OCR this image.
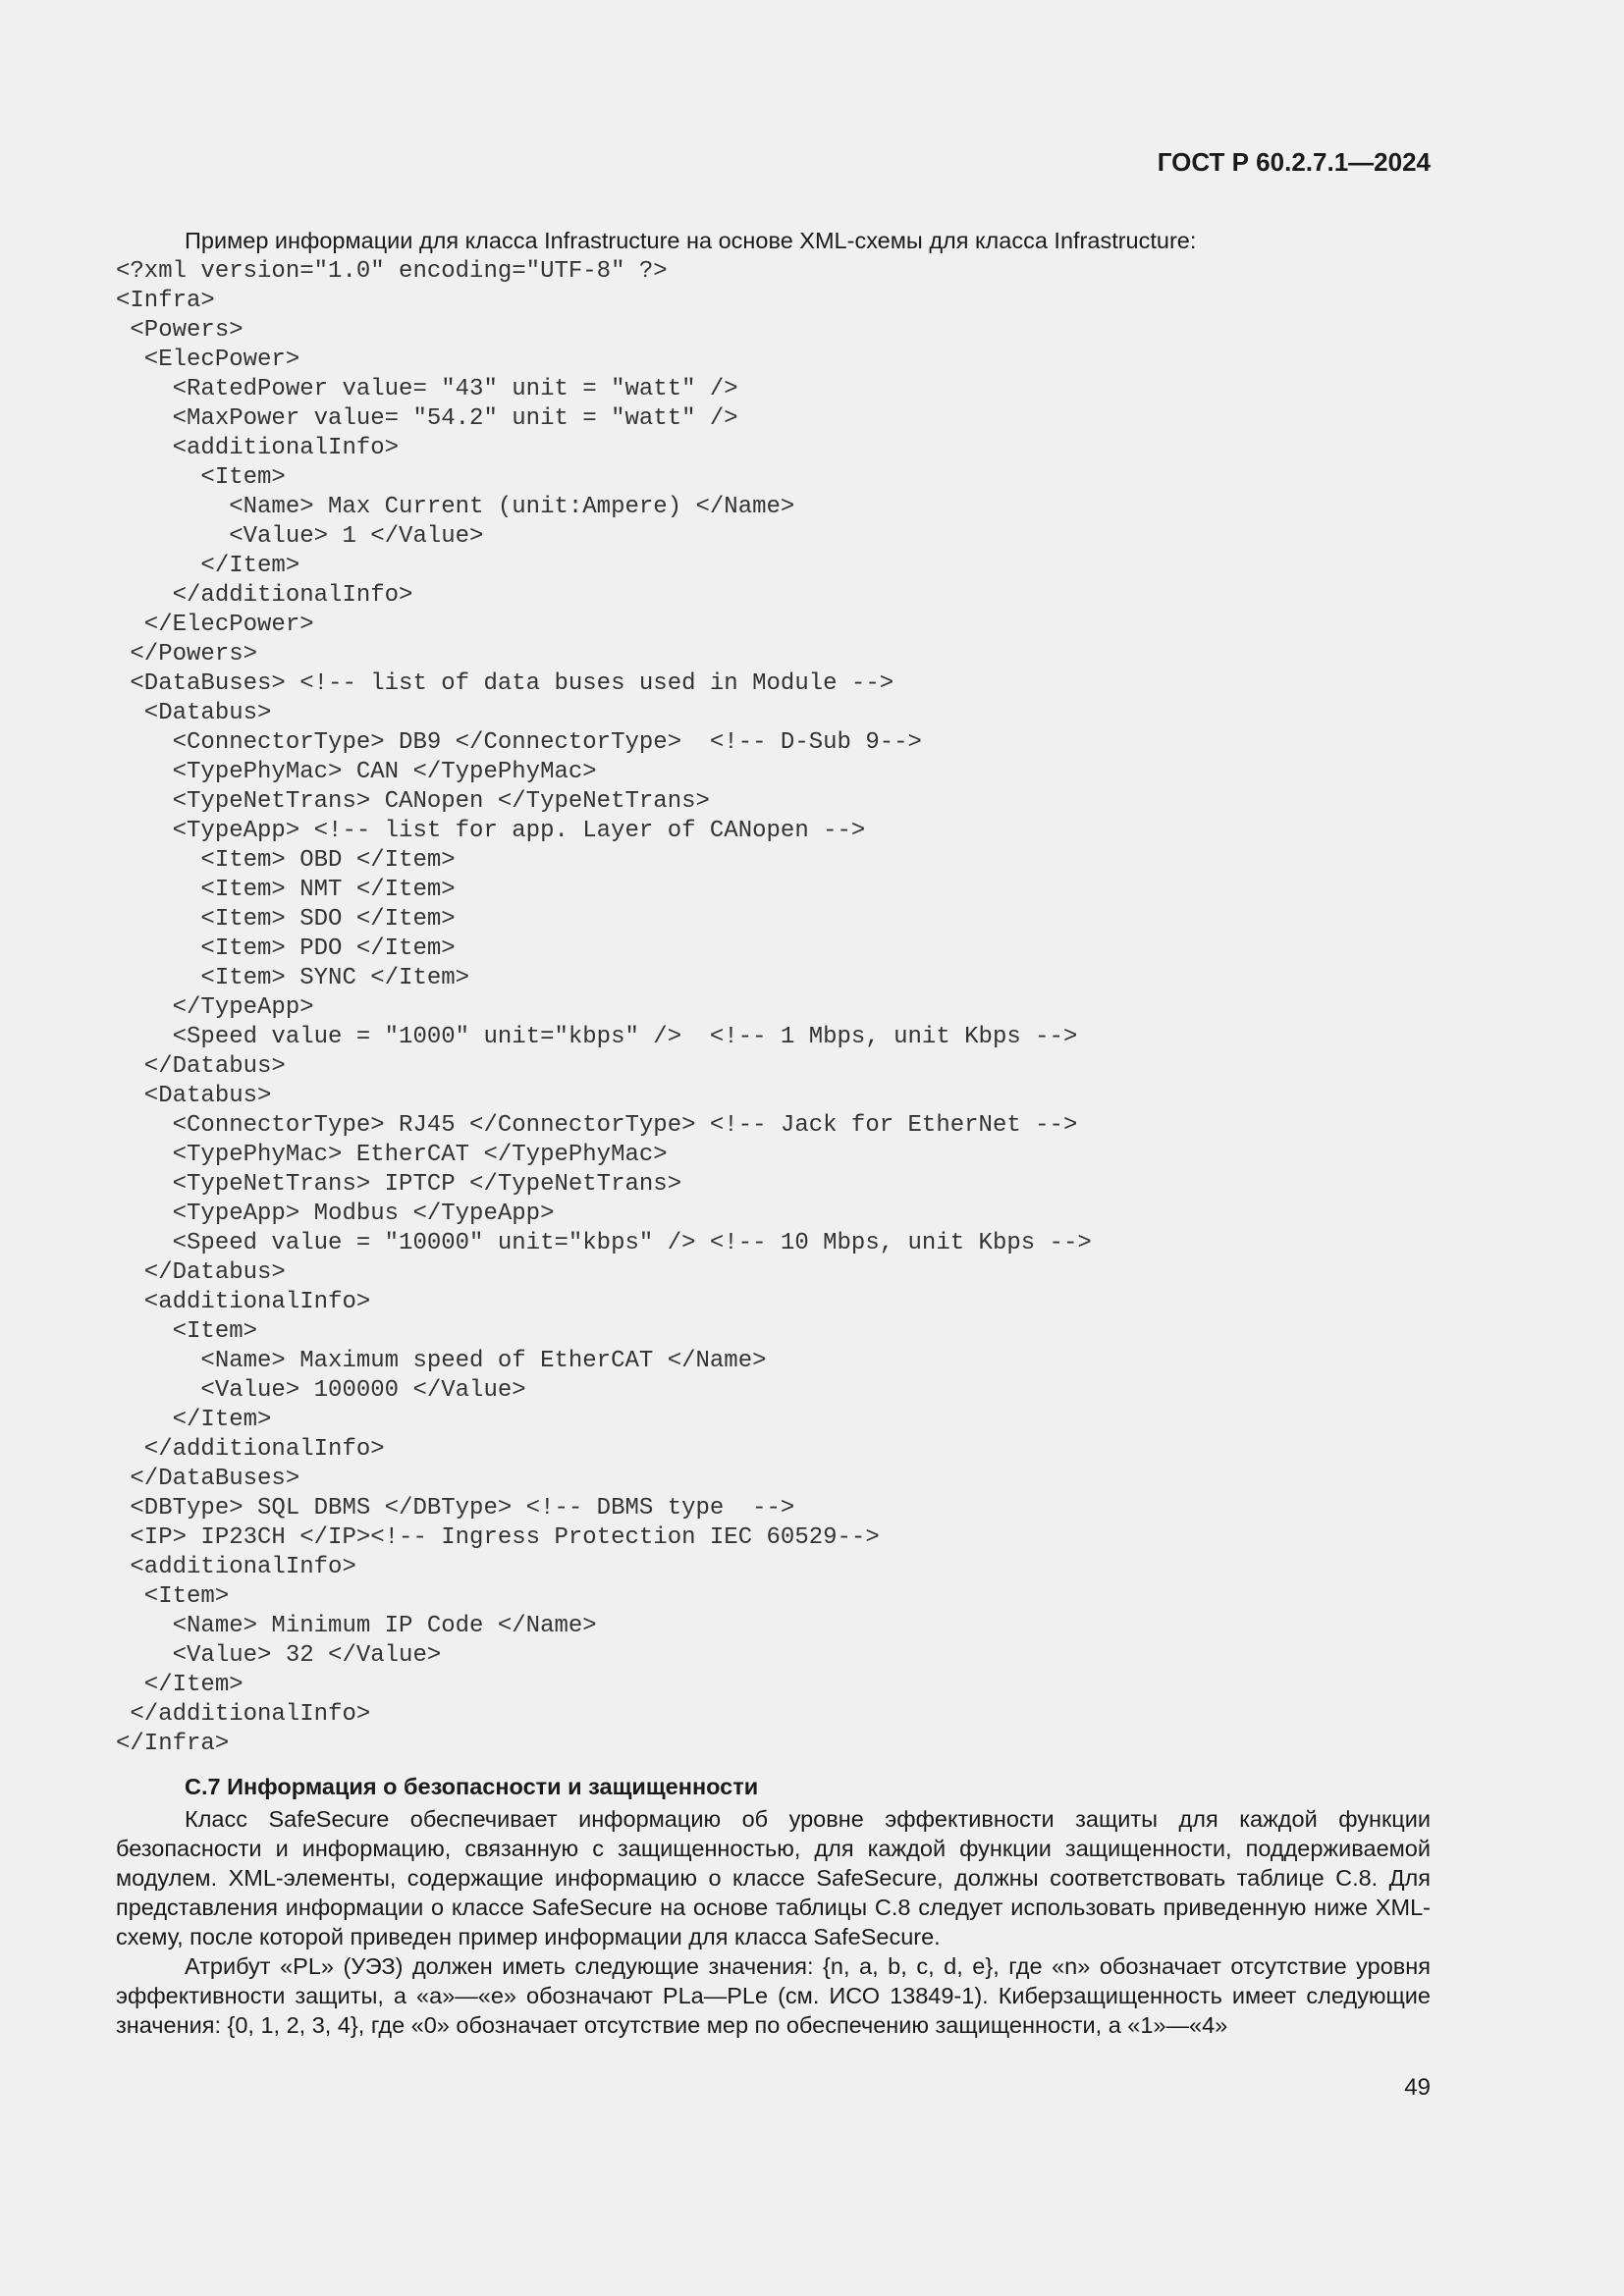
ГОСТ Р 60.2.7.1—2024
Пример информации для класса Infrastructure на основе XML-схемы для класса Infrastructure:
<?xml version="1.0" encoding="UTF-8" ?>
<Infra>
<Powers>
<ElecPower>
<RatedPower value= "43" unit = "watt" />
<MaxPower value= "54.2" unit = "watt" />
<additionalInfo>
<Item>
<Name> Max Current (unit:Ampere) </Name>
<Value> 1 </Value>
</Item>
</additionalInfo>
</ElecPower>
</Powers>
<DataBuses> <!-- list of data buses used in Module -->
<Databus>
<ConnectorType> DB9 </ConnectorType>  <!-- D-Sub 9-->
<TypePhyMac> CAN </TypePhyMac>
<TypeNetTrans> CANopen </TypeNetTrans>
<TypeApp> <!-- list for app. Layer of CANopen -->
<Item> OBD </Item>
<Item> NMT </Item>
<Item> SDO </Item>
<Item> PDO </Item>
<Item> SYNC </Item>
</TypeApp>
<Speed value = "1000" unit="kbps" />  <!-- 1 Mbps, unit Kbps -->
</Databus>
<Databus>
<ConnectorType> RJ45 </ConnectorType> <!-- Jack for EtherNet -->
<TypePhyMac> EtherCAT </TypePhyMac>
<TypeNetTrans> IPTCP </TypeNetTrans>
<TypeApp> Modbus </TypeApp>
<Speed value = "10000" unit="kbps" /> <!-- 10 Mbps, unit Kbps -->
</Databus>
<additionalInfo>
<Item>
<Name> Maximum speed of EtherCAT </Name>
<Value> 100000 </Value>
</Item>
</additionalInfo>
</DataBuses>
<DBType> SQL DBMS </DBType> <!-- DBMS type  -->
<IP> IP23CH </IP><!-- Ingress Protection IEC 60529-->
<additionalInfo>
<Item>
<Name> Minimum IP Code </Name>
<Value> 32 </Value>
</Item>
</additionalInfo>
</Infra>
С.7 Информация о безопасности и защищенности

Класс SafeSecure обеспечивает информацию об уровне эффективности защиты для каждой функции безопасности и информацию, связанную с защищенностью, для каждой функции защищенности, поддерживаемой модулем. XML-элементы, содержащие информацию о классе SafeSecure, должны соответствовать таблице С.8. Для представления информации о классе SafeSecure на основе таблицы С.8 следует использовать приведенную ниже XML-схему, после которой приведен пример информации для класса SafeSecure.

Атрибут «PL» (УЭЗ) должен иметь следующие значения: {n, a, b, c, d, e}, где «n» обозначает отсутствие уровня эффективности защиты, а «a»—«e» обозначают PLa—PLe (см. ИСО 13849-1). Киберзащищенность имеет следующие значения: {0, 1, 2, 3, 4}, где «0» обозначает отсутствие мер по обеспечению защищенности, а «1»—«4»

49
